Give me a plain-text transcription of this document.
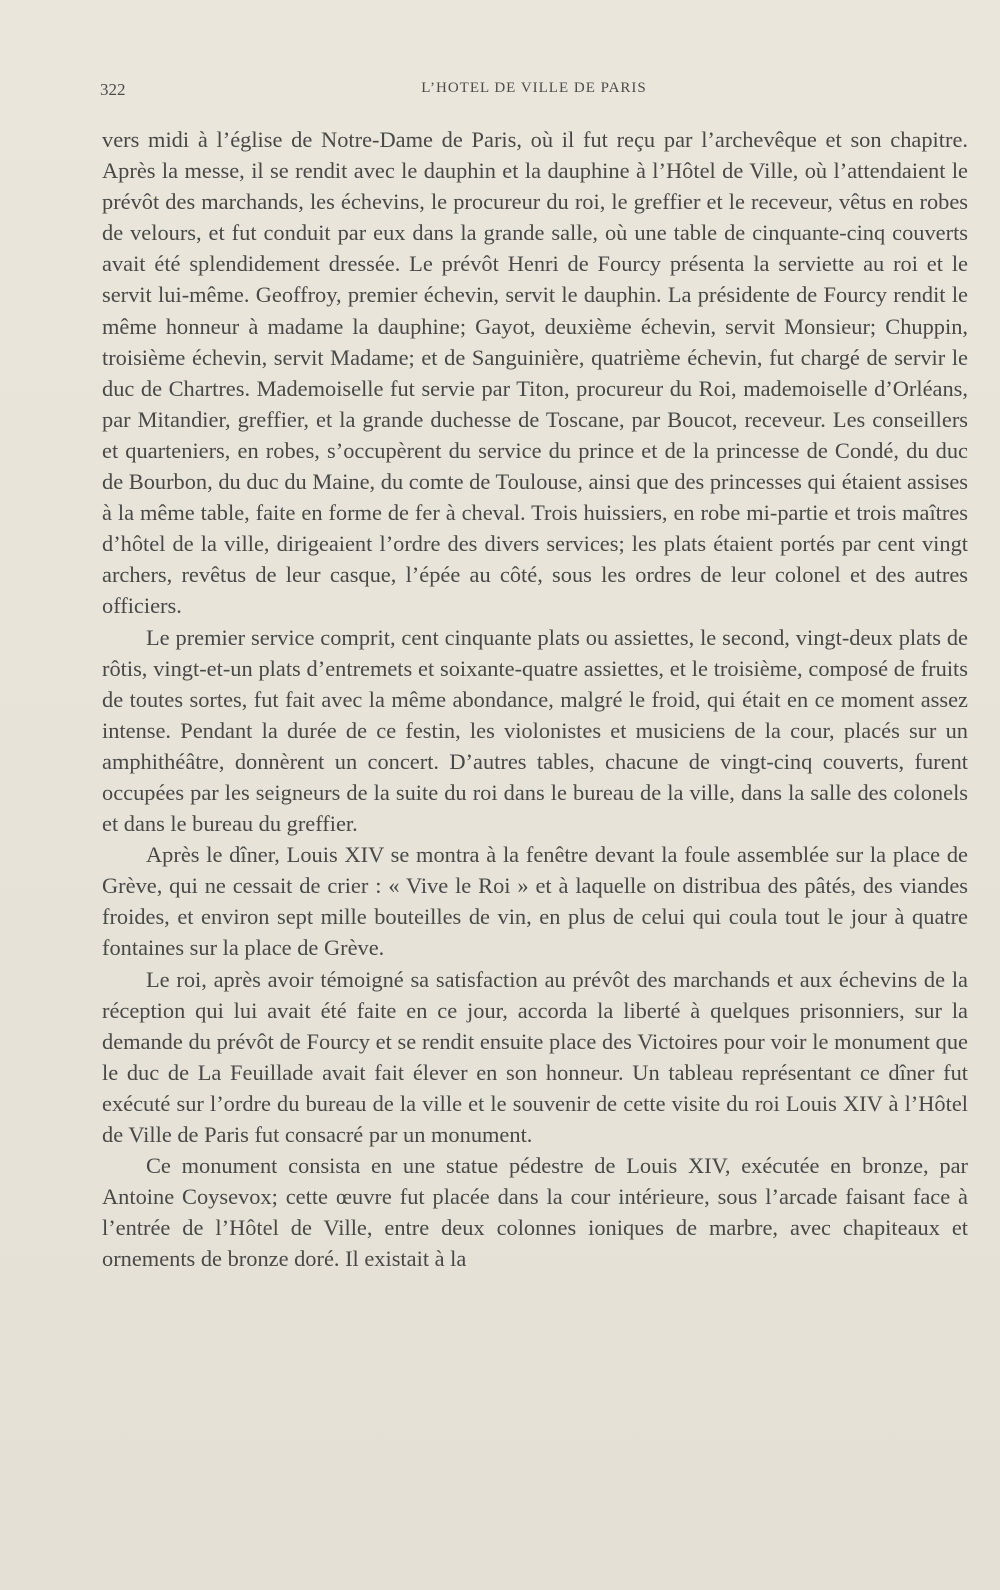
322	L’HOTEL DE VILLE DE PARIS

vers midi à l’église de Notre-Dame de Paris, où il fut reçu par l’archevêque et son chapitre. Après la messe, il se rendit avec le dauphin et la dauphine à l’Hôtel de Ville, où l’attendaient le prévôt des marchands, les échevins, le procureur du roi, le greffier et le receveur, vêtus en robes de velours, et fut conduit par eux dans la grande salle, où une table de cinquante-cinq couverts avait été splendidement dressée. Le prévôt Henri de Fourcy présenta la serviette au roi et le servit lui-même. Geoffroy, premier échevin, servit le dauphin. La présidente de Fourcy rendit le même honneur à madame la dauphine; Gayot, deuxième échevin, servit Monsieur; Chuppin, troisième échevin, servit Madame; et de Sanguinière, quatrième échevin, fut chargé de servir le duc de Chartres. Mademoiselle fut servie par Titon, procureur du Roi, mademoiselle d’Orléans, par Mitandier, greffier, et la grande duchesse de Toscane, par Boucot, receveur. Les conseillers et quarteniers, en robes, s’occupèrent du service du prince et de la princesse de Condé, du duc de Bourbon, du duc du Maine, du comte de Toulouse, ainsi que des princesses qui étaient assises à la même table, faite en forme de fer à cheval. Trois huissiers, en robe mi-partie et trois maîtres d’hôtel de la ville, dirigeaient l’ordre des divers services; les plats étaient portés par cent vingt archers, revêtus de leur casque, l’épée au côté, sous les ordres de leur colonel et des autres officiers.

Le premier service comprit, cent cinquante plats ou assiettes, le second, vingt-deux plats de rôtis, vingt-et-un plats d’entremets et soixante-quatre assiettes, et le troisième, composé de fruits de toutes sortes, fut fait avec la même abondance, malgré le froid, qui était en ce moment assez intense. Pendant la durée de ce festin, les violonistes et musiciens de la cour, placés sur un amphithéâtre, donnèrent un concert. D’autres tables, chacune de vingt-cinq couverts, furent occupées par les seigneurs de la suite du roi dans le bureau de la ville, dans la salle des colonels et dans le bureau du greffier.

Après le dîner, Louis XIV se montra à la fenêtre devant la foule assemblée sur la place de Grève, qui ne cessait de crier : « Vive le Roi » et à laquelle on distribua des pâtés, des viandes froides, et environ sept mille bouteilles de vin, en plus de celui qui coula tout le jour à quatre fontaines sur la place de Grève.

Le roi, après avoir témoigné sa satisfaction au prévôt des marchands et aux échevins de la réception qui lui avait été faite en ce jour, accorda la liberté à quelques prisonniers, sur la demande du prévôt de Fourcy et se rendit ensuite place des Victoires pour voir le monument que le duc de La Feuillade avait fait élever en son honneur. Un tableau représentant ce dîner fut exécuté sur l’ordre du bureau de la ville et le souvenir de cette visite du roi Louis XIV à l’Hôtel de Ville de Paris fut consacré par un monument.

Ce monument consista en une statue pédestre de Louis XIV, exécutée en bronze, par Antoine Coysevox; cette œuvre fut placée dans la cour intérieure, sous l’arcade faisant face à l’entrée de l’Hôtel de Ville, entre deux colonnes ioniques de marbre, avec chapiteaux et ornements de bronze doré. Il existait à la
